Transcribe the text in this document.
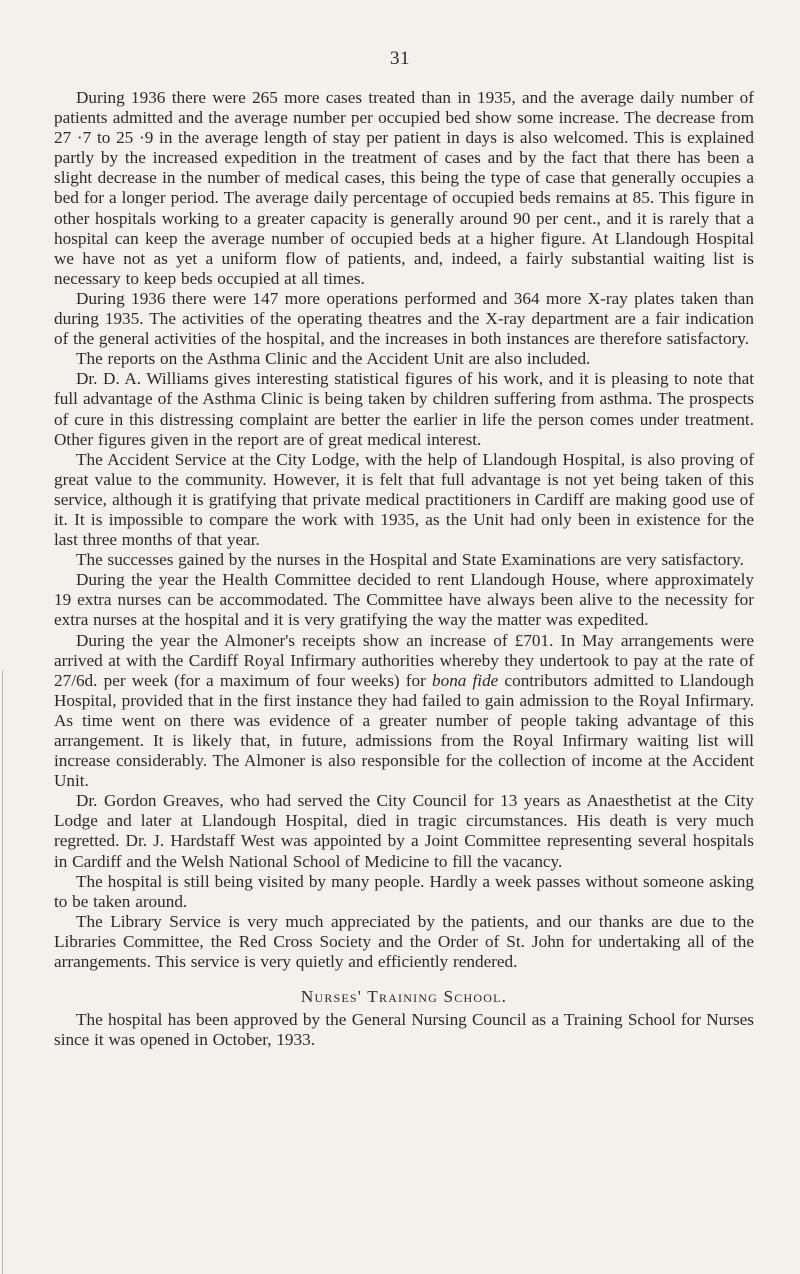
31

During 1936 there were 265 more cases treated than in 1935, and the average daily number of patients admitted and the average number per occupied bed show some increase. The decrease from 27 ·7 to 25 ·9 in the average length of stay per patient in days is also welcomed. This is explained partly by the increased expedition in the treatment of cases and by the fact that there has been a slight decrease in the number of medical cases, this being the type of case that generally occupies a bed for a longer period. The average daily percentage of occupied beds remains at 85. This figure in other hospitals working to a greater capacity is generally around 90 per cent., and it is rarely that a hospital can keep the average number of occupied beds at a higher figure. At Llandough Hospital we have not as yet a uniform flow of patients, and, indeed, a fairly substantial waiting list is necessary to keep beds occupied at all times.

During 1936 there were 147 more operations performed and 364 more X-ray plates taken than during 1935. The activities of the operating theatres and the X-ray department are a fair indication of the general activities of the hospital, and the increases in both instances are therefore satisfactory.

The reports on the Asthma Clinic and the Accident Unit are also included.

Dr. D. A. Williams gives interesting statistical figures of his work, and it is pleasing to note that full advantage of the Asthma Clinic is being taken by children suffering from asthma. The prospects of cure in this distressing complaint are better the earlier in life the person comes under treatment. Other figures given in the report are of great medical interest.

The Accident Service at the City Lodge, with the help of Llandough Hospital, is also proving of great value to the community. However, it is felt that full advantage is not yet being taken of this service, although it is gratifying that private medical practitioners in Cardiff are making good use of it. It is impossible to compare the work with 1935, as the Unit had only been in existence for the last three months of that year.

The successes gained by the nurses in the Hospital and State Examinations are very satisfactory.

During the year the Health Committee decided to rent Llandough House, where approximately 19 extra nurses can be accommodated. The Committee have always been alive to the necessity for extra nurses at the hospital and it is very gratifying the way the matter was expedited.

During the year the Almoner's receipts show an increase of £701. In May arrangements were arrived at with the Cardiff Royal Infirmary authorities whereby they undertook to pay at the rate of 27/6d. per week (for a maximum of four weeks) for bona fide contributors admitted to Llandough Hospital, provided that in the first instance they had failed to gain admission to the Royal Infirmary. As time went on there was evidence of a greater number of people taking advantage of this arrangement. It is likely that, in future, admissions from the Royal Infirmary waiting list will increase considerably. The Almoner is also responsible for the collection of income at the Accident Unit.

Dr. Gordon Greaves, who had served the City Council for 13 years as Anaesthetist at the City Lodge and later at Llandough Hospital, died in tragic circumstances. His death is very much regretted. Dr. J. Hardstaff West was appointed by a Joint Committee representing several hospitals in Cardiff and the Welsh National School of Medicine to fill the vacancy.

The hospital is still being visited by many people. Hardly a week passes without someone asking to be taken around.

The Library Service is very much appreciated by the patients, and our thanks are due to the Libraries Committee, the Red Cross Society and the Order of St. John for undertaking all of the arrangements. This service is very quietly and efficiently rendered.

Nurses' Training School.

The hospital has been approved by the General Nursing Council as a Training School for Nurses since it was opened in October, 1933.
